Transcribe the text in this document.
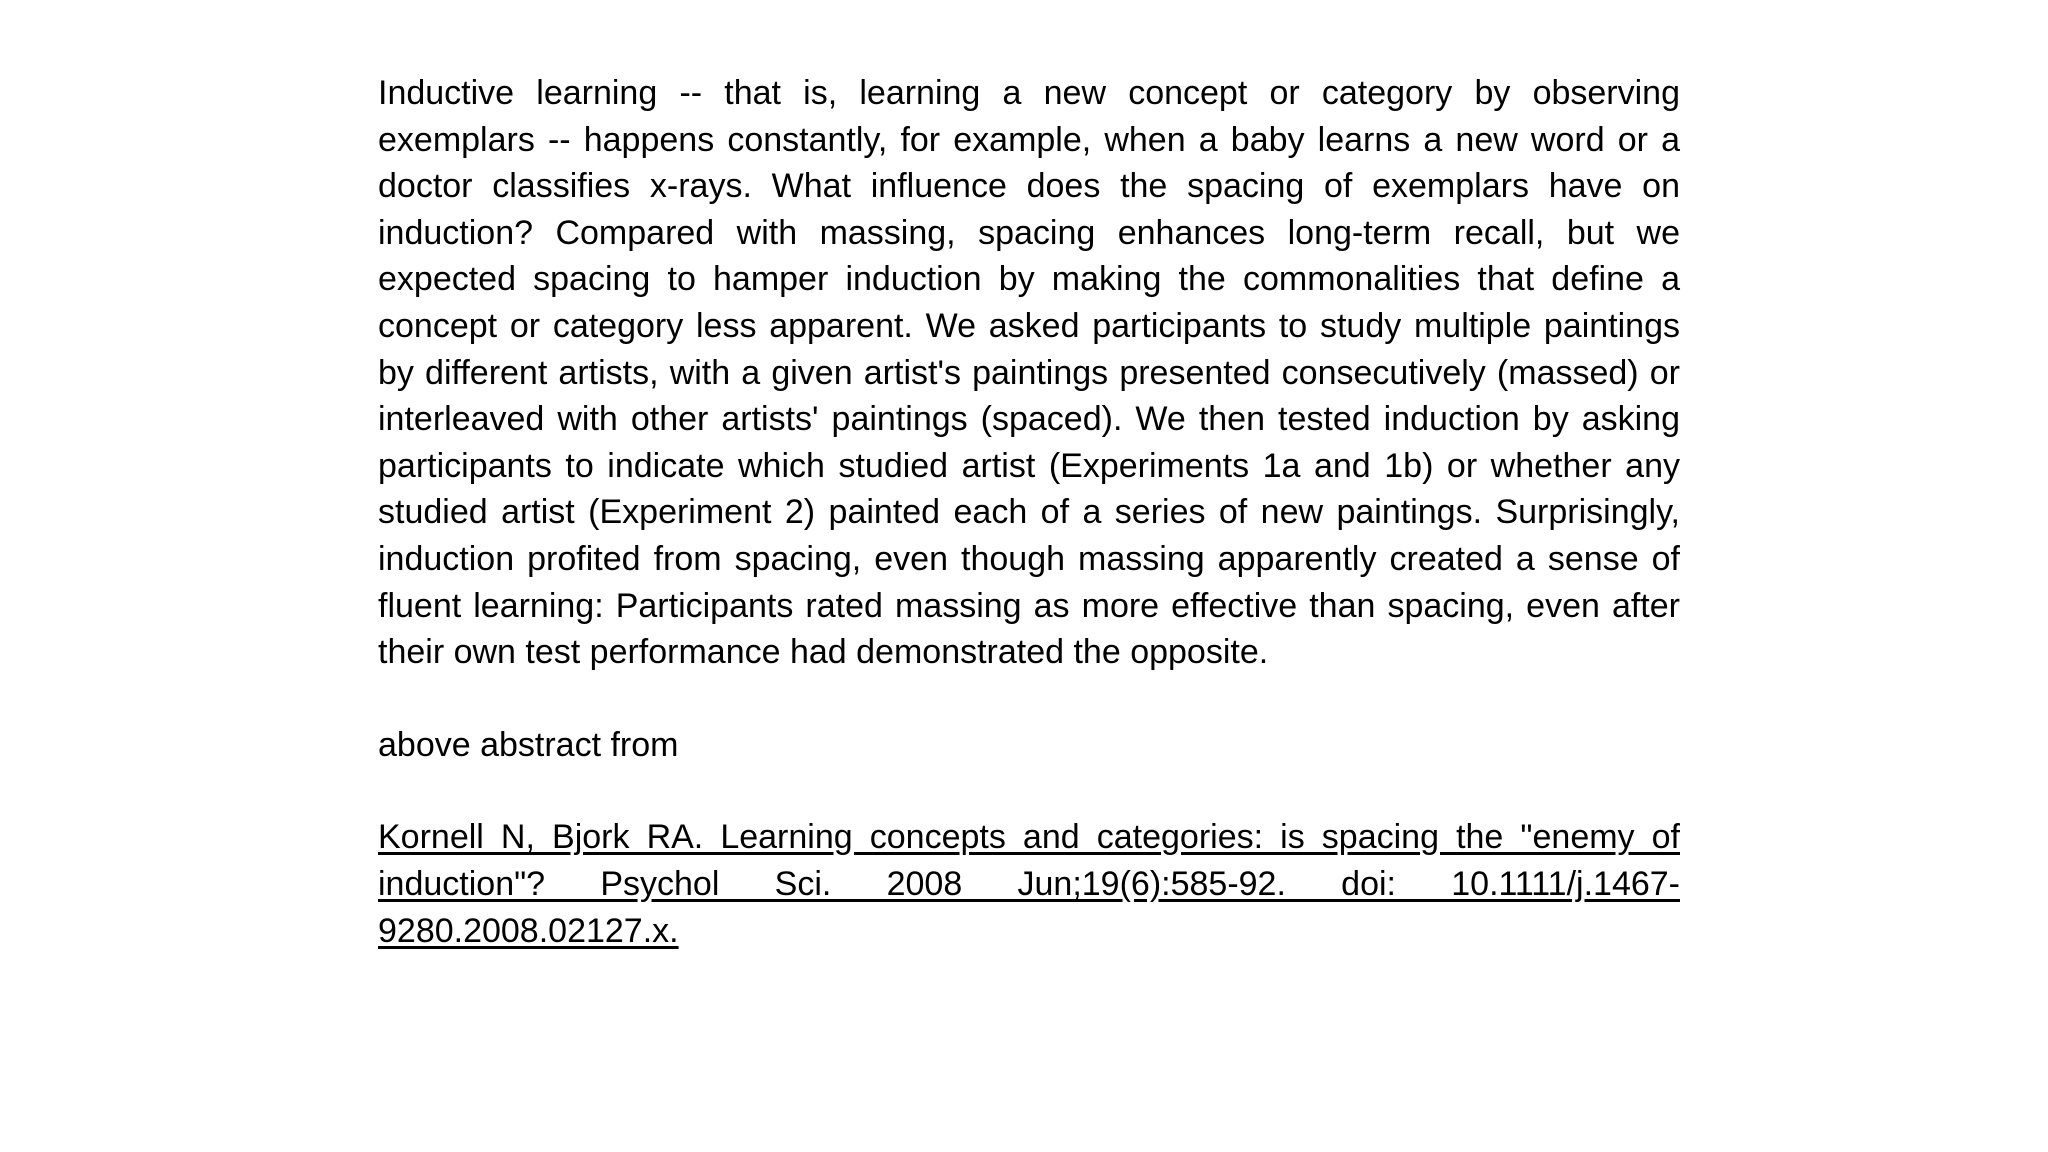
Inductive learning -- that is, learning a new concept or category by observing exemplars -- happens constantly, for example, when a baby learns a new word or a doctor classifies x-rays. What influence does the spacing of exemplars have on induction? Compared with massing, spacing enhances long-term recall, but we expected spacing to hamper induction by making the commonalities that define a concept or category less apparent. We asked participants to study multiple paintings by different artists, with a given artist's paintings presented consecutively (massed) or interleaved with other artists' paintings (spaced). We then tested induction by asking participants to indicate which studied artist (Experiments 1a and 1b) or whether any studied artist (Experiment 2) painted each of a series of new paintings. Surprisingly, induction profited from spacing, even though massing apparently created a sense of fluent learning: Participants rated massing as more effective than spacing, even after their own test performance had demonstrated the opposite.

above abstract from

Kornell N, Bjork RA. Learning concepts and categories: is spacing the "enemy of induction"? Psychol Sci. 2008 Jun;19(6):585-92. doi: 10.1111/j.1467-9280.2008.02127.x.
